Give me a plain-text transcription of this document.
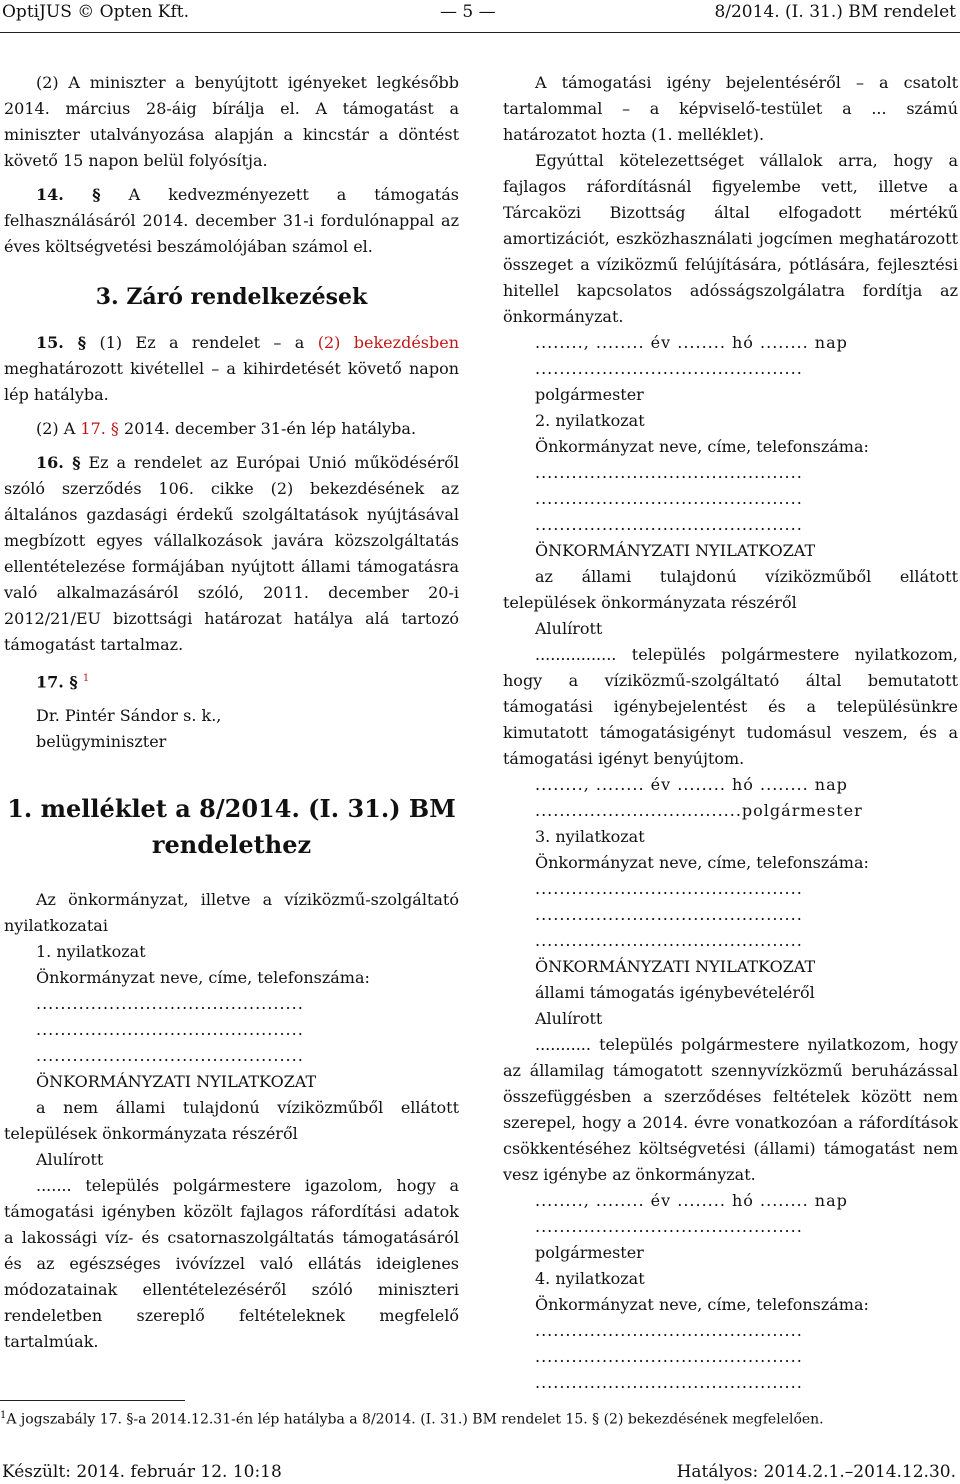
OptiJUS © Opten Kft.	— 5 —	8/2014. (I. 31.) BM rendelet

(2) A miniszter a benyújtott igényeket legkésőbb 2014. március 28-áig bírálja el. A támogatást a miniszter utalványozása alapján a kincstár a döntést követő 15 napon belül folyósítja.

14. § A kedvezményezett a támogatás felhasználásáról 2014. december 31-i fordulónappal az éves költségvetési beszámolójában számol el.

3. Záró rendelkezések

15. § (1) Ez a rendelet – a (2) bekezdésben meghatározott kivétellel – a kihirdetését követő napon lép hatályba.

(2) A 17. § 2014. december 31-én lép hatályba.

16. § Ez a rendelet az Európai Unió működéséről szóló szerződés 106. cikke (2) bekezdésének az általános gazdasági érdekű szolgáltatások nyújtásával megbízott egyes vállalkozások javára közszolgáltatás ellentételezése formájában nyújtott állami támogatásra való alkalmazásáról szóló, 2011. december 20-i 2012/21/EU bizottsági határozat hatálya alá tartozó támogatást tartalmaz.

17. § $^1$

Dr. Pintér Sándor s. k.,

belügyminiszter

1. melléklet a 8/2014. (I. 31.) BM rendelethez

Az önkormányzat, illetve a víziközmű-szolgáltató nyilatkozatai

1. nyilatkozat

Önkormányzat neve, címe, telefonszáma:

............................................

............................................

............................................

ÖNKORMÁNYZATI NYILATKOZAT

a nem állami tulajdonú víziközműből ellátott települések önkormányzata részéről

Alulírott

....... település polgármestere igazolom, hogy a támogatási igényben közölt fajlagos ráfordítási adatok a lakossági víz- és csatornaszolgáltatás támogatásáról és az egészséges ivóvízzel való ellátás ideiglenes módozatainak ellentételezéséről szóló miniszteri rendeletben szereplő feltételeknek megfelelő tartalmúak.

A támogatási igény bejelentéséről – a csatolt tartalommal – a képviselő-testület a ... számú határozatot hozta (1. melléklet).

Egyúttal kötelezettséget vállalok arra, hogy a fajlagos ráfordításnál figyelembe vett, illetve a Tárcaközi Bizottság által elfogadott mértékű amortizációt, eszközhasználati jogcímen meghatározott összeget a víziközmű felújítására, pótlására, fejlesztési hitellel kapcsolatos adósságszolgálatra fordítja az önkormányzat.

........, ........ év ........ hó ........ nap

............................................

polgármester

2. nyilatkozat

Önkormányzat neve, címe, telefonszáma:

............................................

............................................

............................................

ÖNKORMÁNYZATI NYILATKOZAT

az állami tulajdonú víziközműből ellátott települések önkormányzata részéről

Alulírott

................ település polgármestere nyilatkozom, hogy a víziközmű-szolgáltató által bemutatott támogatási igénybejelentést és a településünkre kimutatott támogatásigényt tudomásul veszem, és a támogatási igényt benyújtom.

........, ........ év ........ hó ........ nap

..................................polgármester

3. nyilatkozat

Önkormányzat neve, címe, telefonszáma:

............................................

............................................

............................................

ÖNKORMÁNYZATI NYILATKOZAT

állami támogatás igénybevételéről

Alulírott

........... település polgármestere nyilatkozom, hogy az államilag támogatott szennyvízközmű beruházással összefüggésben a szerződéses feltételek között nem szerepel, hogy a 2014. évre vonatkozóan a ráfordítások csökkentéséhez költségvetési (állami) támogatást nem vesz igénybe az önkormányzat.

........, ........ év ........ hó ........ nap

............................................

polgármester

4. nyilatkozat

Önkormányzat neve, címe, telefonszáma:

............................................

............................................

............................................

$^1$A jogszabály 17. §-a 2014.12.31-én lép hatályba a 8/2014. (I. 31.) BM rendelet 15. § (2) bekezdésének megfelelően.
Készült: 2014. február 12. 10:18	Hatályos: 2014.2.1.–2014.12.30.
